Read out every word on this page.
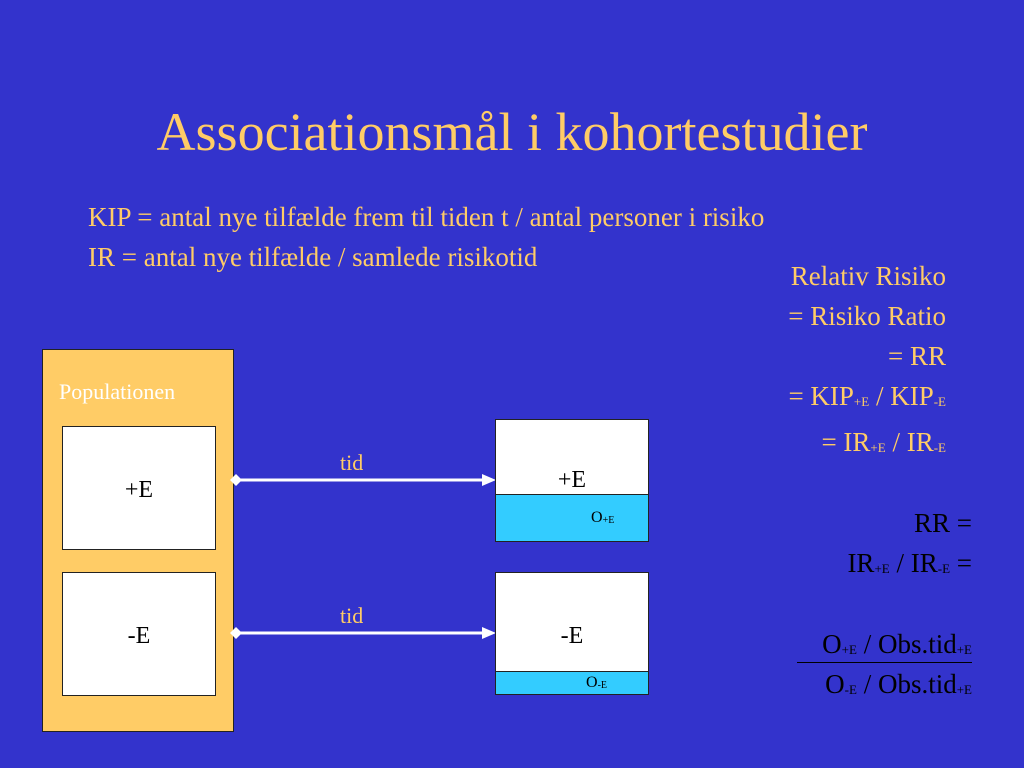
Associationsmål i kohortestudier
KIP = antal nye tilfælde frem til tiden t / antal personer i risiko
IR = antal nye tilfælde / samlede risikotid
Relativ Risiko
= Risiko Ratio
= RR
= $KIP_{+E} / KIP_{-E}$
= $IR_{+E} / IR_{-E}$
Populationen
+E
-E
tid
tid
+E
$O_{+E}$
-E
$O_{-E}$
RR =
$IR_{+E} / IR_{-E}$ =
$O_{+E} / Obs.tid_{+E}$
$O_{-E} / Obs.tid_{+E}$
